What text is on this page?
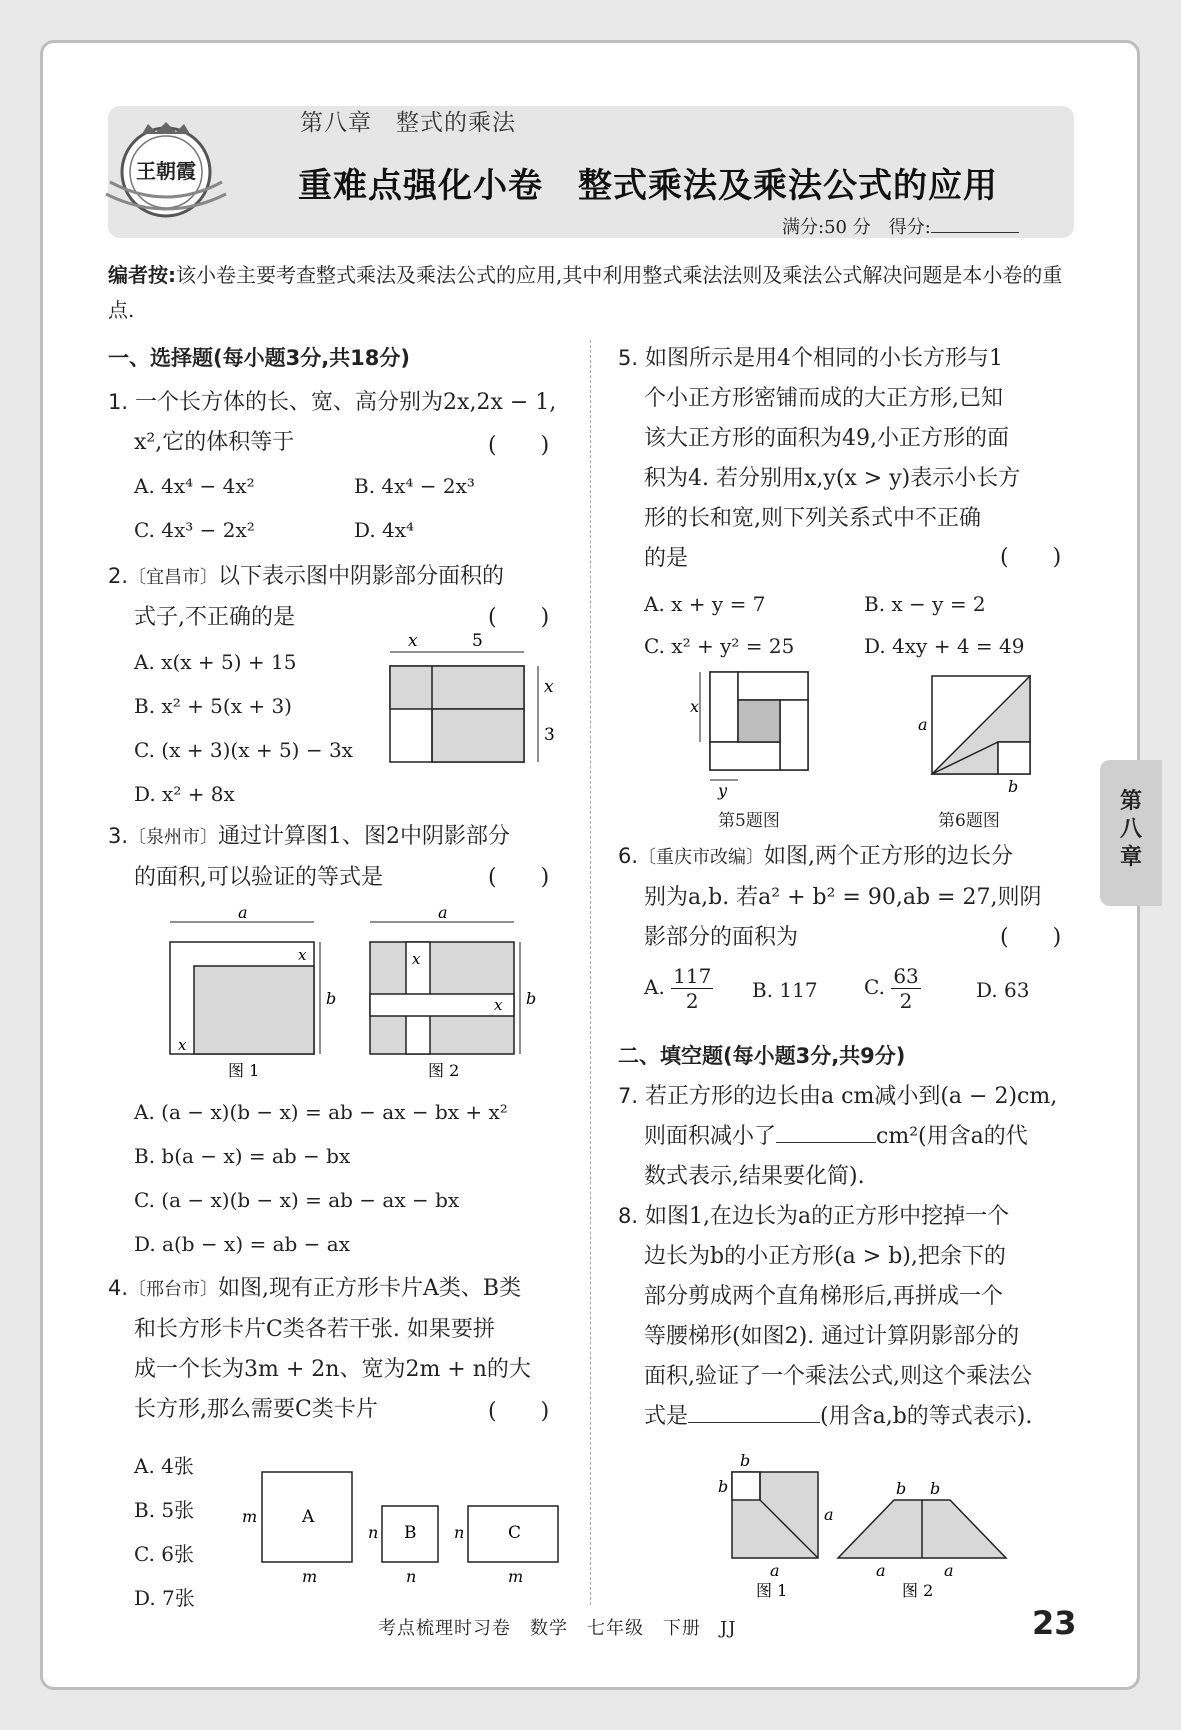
王朝霞
第八章　整式的乘法
重难点强化小卷　整式乘法及乘法公式的应用
满分:50 分　得分:
编者按:该小卷主要考查整式乘法及乘法公式的应用,其中利用整式乘法法则及乘法公式解决问题是本小卷的重点.
一、选择题(每小题3分,共18分)
1. 一个长方体的长、宽、高分别为2x,2x − 1,
x²,它的体积等于	(　　)
A. 4x⁴ − 4x²	B. 4x⁴ − 2x³
C. 4x³ − 2x²	D. 4x⁴
2.〔宜昌市〕以下表示图中阴影部分面积的
式子,不正确的是	(　　)
A. x(x + 5) + 15
B. x² + 5(x + 3)
C. (x + 3)(x + 5) − 3x
D. x² + 8x
x	5
x
3
3.〔泉州市〕通过计算图1、图2中阴影部分
的面积,可以验证的等式是	(　　)
a
b
x
x
图 1
a
b
x
x
图 2
A. (a − x)(b − x) = ab − ax − bx + x²
B. b(a − x) = ab − bx
C. (a − x)(b − x) = ab − ax − bx
D. a(b − x) = ab − ax
4.〔邢台市〕如图,现有正方形卡片A类、B类
和长方形卡片C类各若干张. 如果要拼
成一个长为3m + 2n、宽为2m + n的大
长方形,那么需要C类卡片	(　　)
A. 4张
B. 5张
C. 6张
D. 7张
A
m
m
B
n
n
C
n
m
5. 如图所示是用4个相同的小长方形与1
个小正方形密铺而成的大正方形,已知
该大正方形的面积为49,小正方形的面
积为4. 若分别用x,y(x > y)表示小长方
形的长和宽,则下列关系式中不正确
的是	(　　)
A. x + y = 7	B. x − y = 2
C. x² + y² = 25	D. 4xy + 4 = 49
x
y
第5题图
a
b
第6题图
6.〔重庆市改编〕如图,两个正方形的边长分
别为a,b. 若a² + b² = 90,ab = 27,则阴
影部分的面积为	(　　)
A. $\frac{117}{2} B$. 117 C. $\frac{63}{2}$	D. 63
二、填空题(每小题3分,共9分)
7. 若正方形的边长由a cm减小到(a − 2)cm,
则面积减小了	cm²(用含a的代
数式表示,结果要化简).
8. 如图1,在边长为a的正方形中挖掉一个
边长为b的小正方形(a > b),把余下的
部分剪成两个直角梯形后,再拼成一个
等腰梯形(如图2). 通过计算阴影部分的
面积,验证了一个乘法公式,则这个乘法公
式是	(用含a,b的等式表示).
b
b
a
a
图 1
b b
a	a
图 2
第
八
章
考点梳理时习卷　数学　七年级　下册　JJ	23
